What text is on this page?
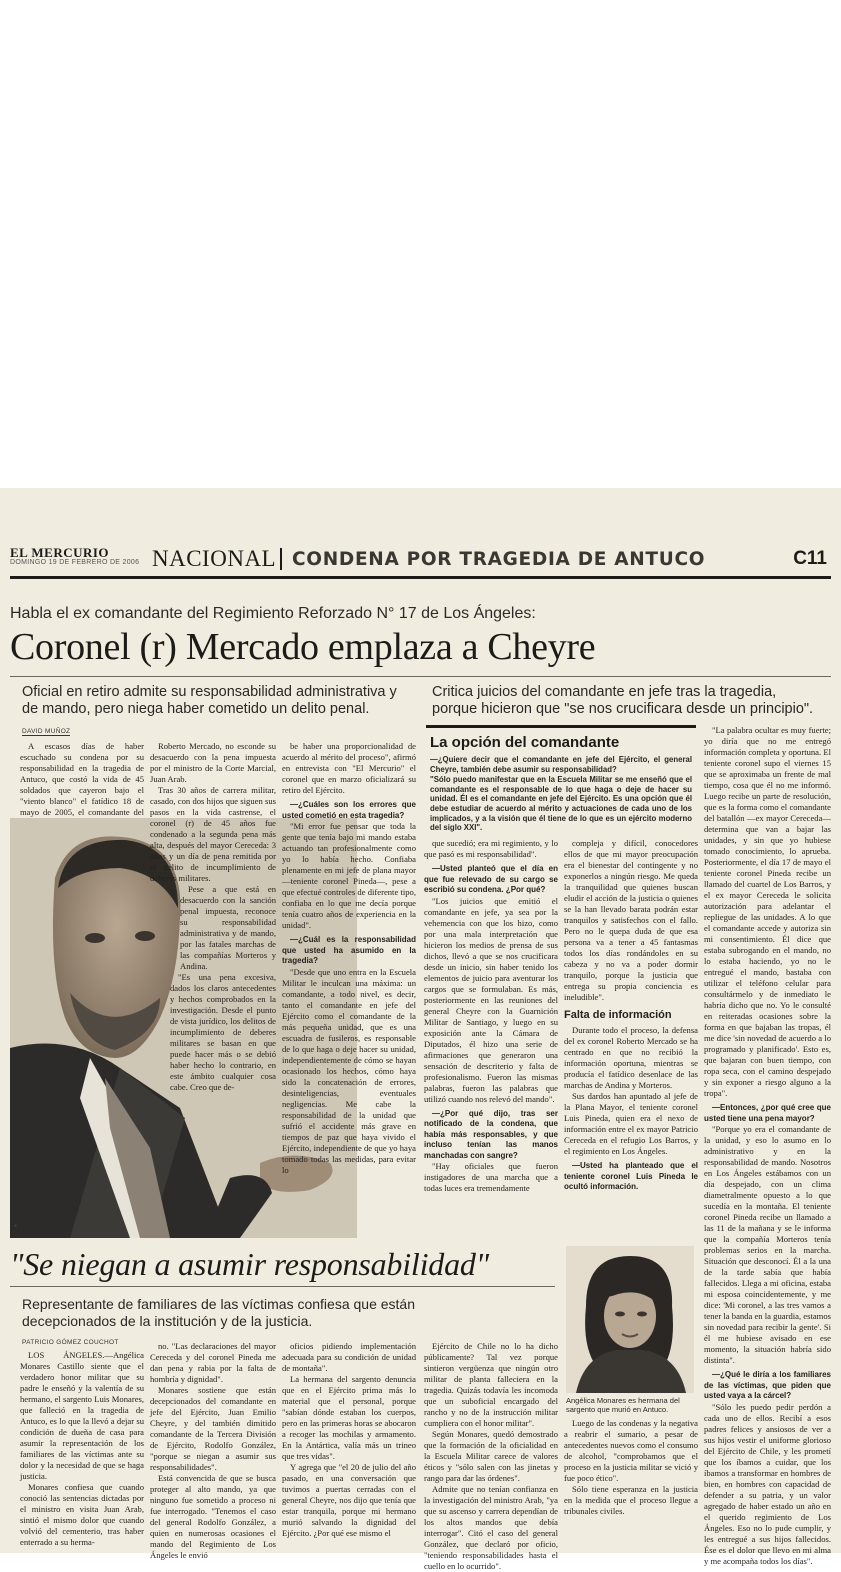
EL MERCURIO
DOMINGO 19 DE FEBRERO DE 2006 NACIONAL CONDENA POR TRAGEDIA DE ANTUCO	C11
Habla el ex comandante del Regimiento Reforzado N° 17 de Los Ángeles:
Coronel (r) Mercado emplaza a Cheyre
Oficial en retiro admite su responsabilidad administrativa y de mando, pero niega haber cometido un delito penal.
Critica juicios del comandante en jefe tras la tragedia, porque hicieron que "se nos crucificara desde un principio".
DAVID MUÑOZ

A escasos días de haber escuchado su condena por su responsabilidad en la tragedia de Antuco, que costó la vida de 45 soldados que cayeron bajo el "viento blanco" el fatídico 18 de mayo de 2005, el comandante del

●

Roberto Mercado, no esconde su desacuerdo con la pena impuesta por el ministro de la Corte Marcial, Juan Arab.

Tras 30 años de carrera militar, casado, con dos hijos que siguen sus pasos en la vida castrense, el coronel (r) de 45 años fue condenado a la segunda pena más alta, después del mayor Cereceda: 3 años y un día de pena remitida por el delito de incumplimiento de deberes militares.

Pese a que está en desacuerdo con la sanción penal impuesta, reconoce su responsabilidad administrativa y de mando, por las fatales marchas de las compañías Morteros y Andina.

"Es una pena excesiva, dados los claros antecedentes y hechos comprobados en la investigación. Desde el punto de vista jurídico, los delitos de incumplimiento de deberes militares se basan en que puede hacer más o se debió haber hecho lo contrario, en este ámbito cualquier cosa cabe. Creo que de-

be haber una proporcionalidad de acuerdo al mérito del proceso", afirmó en entrevista con "El Mercurio" el coronel que en marzo oficializará su retiro del Ejército.

—¿Cuáles son los errores que usted cometió en esta tragedia?

"Mi error fue pensar que toda la gente que tenía bajo mi mando estaba actuando tan profesionalmente como yo lo había hecho. Confiaba plenamente en mi jefe de plana mayor —teniente coronel Pineda—, pese a que efectué controles de diferente tipo, confiaba en lo que me decía porque tenía cuatro años de experiencia en la unidad".

—¿Cuál es la responsabilidad que usted ha asumido en la tragedia?

"Desde que uno entra en la Escuela Militar le inculcan una máxima: un comandante, a todo nivel, es decir, tanto el comandante en jefe del Ejército como el comandante de la más pequeña unidad, que es una escuadra de fusileros, es responsable de lo que haga o deje hacer su unidad, independientemente de cómo se hayan ocasionado los hechos, cómo haya sido la concatenación de errores, desinteligencias, eventuales negligencias. Me cabe la responsabilidad de la unidad que sufrió el accidente más grave en tiempos de paz que haya vivido el Ejército, independiente de que yo haya tomado todas las medidas, para evitar lo

La opción del comandante
—¿Quiere decir que el comandante en jefe del Ejército, el general Cheyre, también debe asumir su responsabilidad?
"Sólo puedo manifestar que en la Escuela Militar se me enseñó que el comandante es el responsable de lo que haga o deje de hacer su unidad. Él es el comandante en jefe del Ejército. Es una opción que él debe estudiar de acuerdo al mérito y actuaciones de cada uno de los implicados, y a la visión que él tiene de lo que es un ejército moderno del siglo XXI".

que sucedió; era mi regimiento, y lo que pasó es mi responsabilidad".

—Usted planteó que el día en que fue relevado de su cargo se escribió su condena. ¿Por qué?

"Los juicios que emitió el comandante en jefe, ya sea por la vehemencia con que los hizo, como por una mala interpretación que hicieron los medios de prensa de sus dichos, llevó a que se nos crucificara desde un inicio, sin haber tenido los elementos de juicio para aventurar los cargos que se formulaban. Es más, posteriormente en las reuniones del general Cheyre con la Guarnición Militar de Santiago, y luego en su exposición ante la Cámara de Diputados, él hizo una serie de afirmaciones que generaron una sensación de descriterio y falta de profesionalismo. Fueron las mismas palabras, fueron las palabras que utilizó cuando nos relevó del mando".

—¿Por qué dijo, tras ser notificado de la condena, que había más responsables, y que incluso tenían las manos manchadas con sangre?

"Hay oficiales que fueron instigadores de una marcha que a todas luces era tremendamente

compleja y difícil, conocedores ellos de que mi mayor preocupación era el bienestar del contingente y no exponerlos a ningún riesgo. Me queda la tranquilidad que quienes buscan eludir el acción de la justicia o quienes se la han llevado barata podrán estar tranquilos y satisfechos con el fallo. Pero no le quepa duda de que esa persona va a tener a 45 fantasmas todos los días rondándoles en su cabeza y no va a poder dormir tranquilo, porque la justicia que entrega su propia conciencia es ineludible".

Falta de información

Durante todo el proceso, la defensa del ex coronel Roberto Mercado se ha centrado en que no recibió la información oportuna, mientras se producía el fatídico desenlace de las marchas de Andina y Morteros.

Sus dardos han apuntado al jefe de la Plana Mayor, el teniente coronel Luis Pineda, quien era el nexo de información entre el ex mayor Patricio Cereceda en el refugio Los Barros, y el regimiento en Los Ángeles.

—Usted ha planteado que el teniente coronel Luis Pineda le ocultó información.

"La palabra ocultar es muy fuerte; yo diría que no me entregó información completa y oportuna. El teniente coronel supo el viernes 15 que se aproximaba un frente de mal tiempo, cosa que él no me informó. Luego recibe un parte de resolución, que es la forma como el comandante del batallón —ex mayor Cereceda— determina que van a bajar las unidades, y sin que yo hubiese tomado conocimiento, lo aprueba. Posteriormente, el día 17 de mayo el teniente coronel Pineda recibe un llamado del cuartel de Los Barros, y el ex mayor Cereceda le solicita autorización para adelantar el repliegue de las unidades. A lo que el comandante accede y autoriza sin mi consentimiento. Él dice que estaba subrogando en el mando, no lo estaba haciendo, yo no le entregué el mando, bastaba con utilizar el teléfono celular para consultármelo y de inmediato le habría dicho que no. Yo le consulté en reiteradas ocasiones sobre la forma en que bajaban las tropas, él me dice 'sin novedad de acuerdo a lo programado y planificado'. Esto es, que bajaran con buen tiempo, con ropa seca, con el camino despejado y sin exponer a riesgo alguno a la tropa".

—Entonces, ¿por qué cree que usted tiene una pena mayor?

"Porque yo era el comandante de la unidad, y eso lo asumo en lo administrativo y en la responsabilidad de mando. Nosotros en Los Ángeles estábamos con un día despejado, con un clima diametralmente opuesto a lo que sucedía en la montaña. El teniente coronel Pineda recibe un llamado a las 11 de la mañana y se le informa que la compañía Morteros tenía problemas serios en la marcha. Situación que desconocí. Él a la una de la tarde sabía que había fallecidos. Llega a mi oficina, estaba mi esposa coincidentemente, y me dice: 'Mi coronel, a las tres vamos a tener la banda en la guardia, estamos sin novedad para recibir la gente'. Si él me hubiese avisado en ese momento, la situación habría sido distinta".

—¿Qué le diría a los familiares de las víctimas, que piden que usted vaya a la cárcel?

"Sólo les puedo pedir perdón a cada uno de ellos. Recibí a esos padres felices y ansiosos de ver a sus hijos vestir el uniforme glorioso del Ejército de Chile, y les prometí que los íbamos a cuidar, que los íbamos a transformar en hombres de bien, en hombres con capacidad de defender a su patria, y un valor agregado de haber estado un año en el querido regimiento de Los Ángeles. Eso no lo pude cumplir, y les entregué a sus hijos fallecidos. Ése es el dolor que llevo en mi alma y me acompaña todos los días".

"Se niegan a asumir responsabilidad"
Representante de familiares de las víctimas confiesa que están decepcionados de la institución y de la justicia.
PATRICIO GÓMEZ COUCHOT

LOS ÁNGELES.—Angélica Monares Castillo siente que el verdadero honor militar que su padre le enseñó y la valentía de su hermano, el sargento Luis Monares, que falleció en la tragedia de Antuco, es lo que la llevó a dejar su condición de dueña de casa para asumir la representación de los familiares de las víctimas ante su dolor y la necesidad de que se haga justicia.

Monares confiesa que cuando conoció las sentencias dictadas por el ministro en visita Juan Arab, sintió el mismo dolor que cuando volvió del cementerio, tras haber enterrado a su herma-

no. "Las declaraciones del mayor Cereceda y del coronel Pineda me dan pena y rabia por la falta de hombría y dignidad".

Monares sostiene que están decepcionados del comandante en jefe del Ejército, Juan Emilio Cheyre, y del también dimitido comandante de la Tercera División de Ejército, Rodolfo González, "porque se niegan a asumir sus responsabilidades".

Está convencida de que se busca proteger al alto mando, ya que ninguno fue sometido a proceso ni fue interrogado. "Tenemos el caso del general Rodolfo González, a quien en numerosas ocasiones el mando del Regimiento de Los Ángeles le envió

oficios pidiendo implementación adecuada para su condición de unidad de montaña".

La hermana del sargento denuncia que en el Ejército prima más lo material que el personal, porque "sabían dónde estaban los cuerpos, pero en las primeras horas se abocaron a recoger las mochilas y armamento. En la Antártica, valía más un trineo que tres vidas".

Y agrega que "el 20 de julio del año pasado, en una conversación que tuvimos a puertas cerradas con el general Cheyre, nos dijo que tenía que estar tranquila, porque mi hermano murió salvando la dignidad del Ejército. ¿Por qué ese mismo el

Ejército de Chile no lo ha dicho públicamente? Tal vez porque sintieron vergüenza que ningún otro militar de planta falleciera en la tragedia. Quizás todavía les incomoda que un suboficial encargado del rancho y no de la instrucción militar cumpliera con el honor militar".

Según Monares, quedó demostrado que la formación de la oficialidad en la Escuela Militar carece de valores éticos y "sólo salen con las jinetas y rango para dar las órdenes".

Admite que no tenían confianza en la investigación del ministro Arab, "ya que su ascenso y carrera dependían de los altos mandos que debía interrogar". Citó el caso del general González, que declaró por oficio, "teniendo responsabilidades hasta el cuello en lo ocurrido".

Angélica Monares es hermana del sargento que murió en Antuco.

Luego de las condenas y la negativa a reabrir el sumario, a pesar de antecedentes nuevos como el consumo de alcohol, "comprobamos que el proceso en la justicia militar se vició y fue poco ético".

Sólo tiene esperanza en la justicia en la medida que el proceso llegue a tribunales civiles.
